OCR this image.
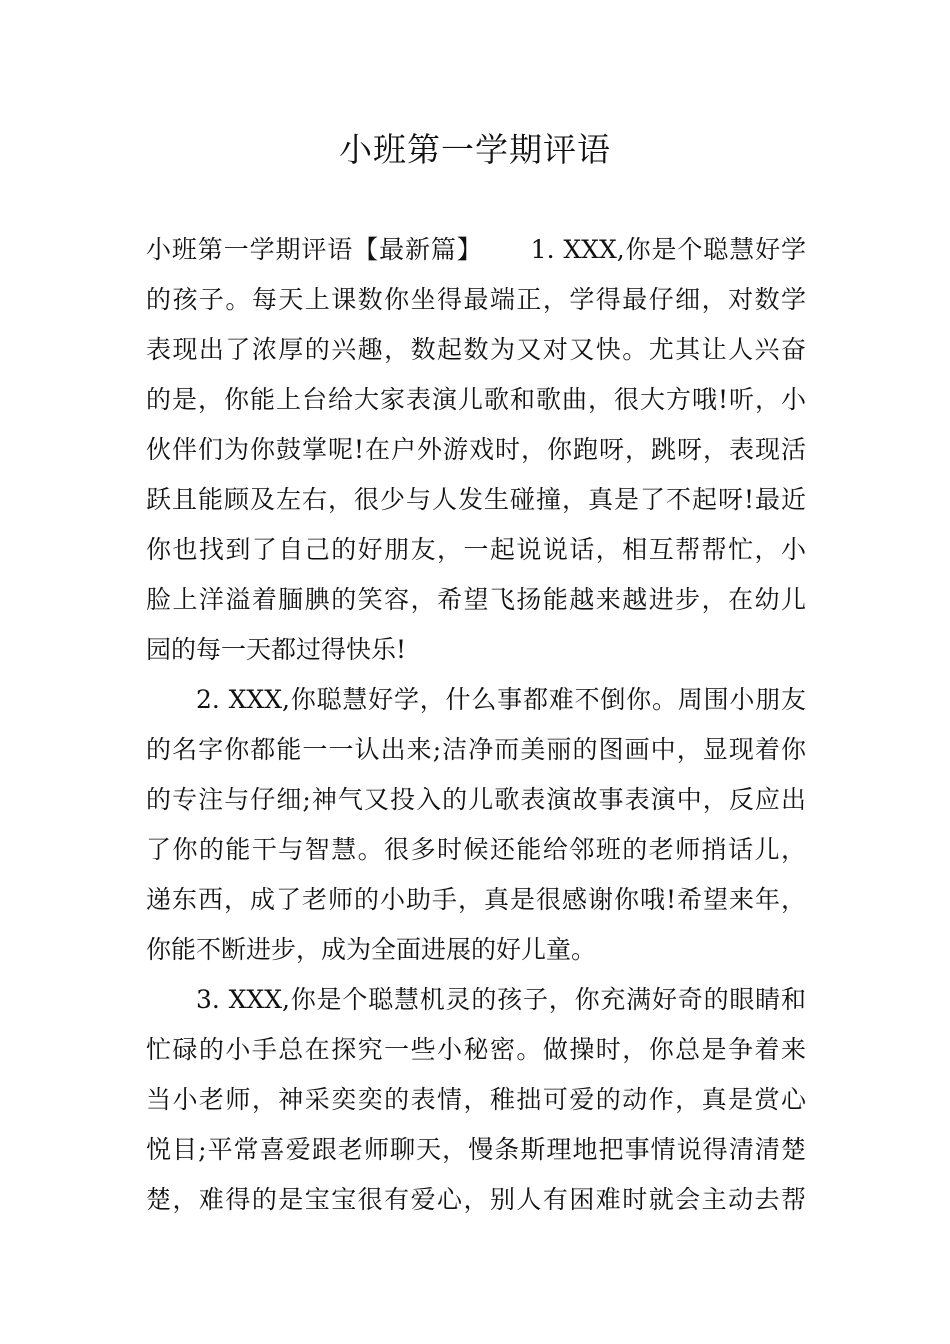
小班第一学期评语
小班第一学期评语【最新篇】 1. XXX,你是个聪慧好学
的孩子。每天上课数你坐得最端正，学得最仔细，对数学
表现出了浓厚的兴趣，数起数为又对又快。尤其让人兴奋
的是，你能上台给大家表演儿歌和歌曲，很大方哦!听，小
伙伴们为你鼓掌呢!在户外游戏时，你跑呀，跳呀，表现活
跃且能顾及左右，很少与人发生碰撞，真是了不起呀!最近
你也找到了自己的好朋友，一起说说话，相互帮帮忙，小
脸上洋溢着腼腆的笑容，希望飞扬能越来越进步，在幼儿
园的每一天都过得快乐!
2. XXX,你聪慧好学，什么事都难不倒你。周围小朋友
的名字你都能一一认出来;洁净而美丽的图画中，显现着你
的专注与仔细;神气又投入的儿歌表演故事表演中，反应出
了你的能干与智慧。很多时候还能给邻班的老师捎话儿，
递东西，成了老师的小助手，真是很感谢你哦!希望来年，
你能不断进步，成为全面进展的好儿童。
3. XXX,你是个聪慧机灵的孩子，你充满好奇的眼睛和
忙碌的小手总在探究一些小秘密。做操时，你总是争着来
当小老师，神采奕奕的表情，稚拙可爱的动作，真是赏心
悦目;平常喜爱跟老师聊天，慢条斯理地把事情说得清清楚
楚，难得的是宝宝很有爱心，别人有困难时就会主动去帮
